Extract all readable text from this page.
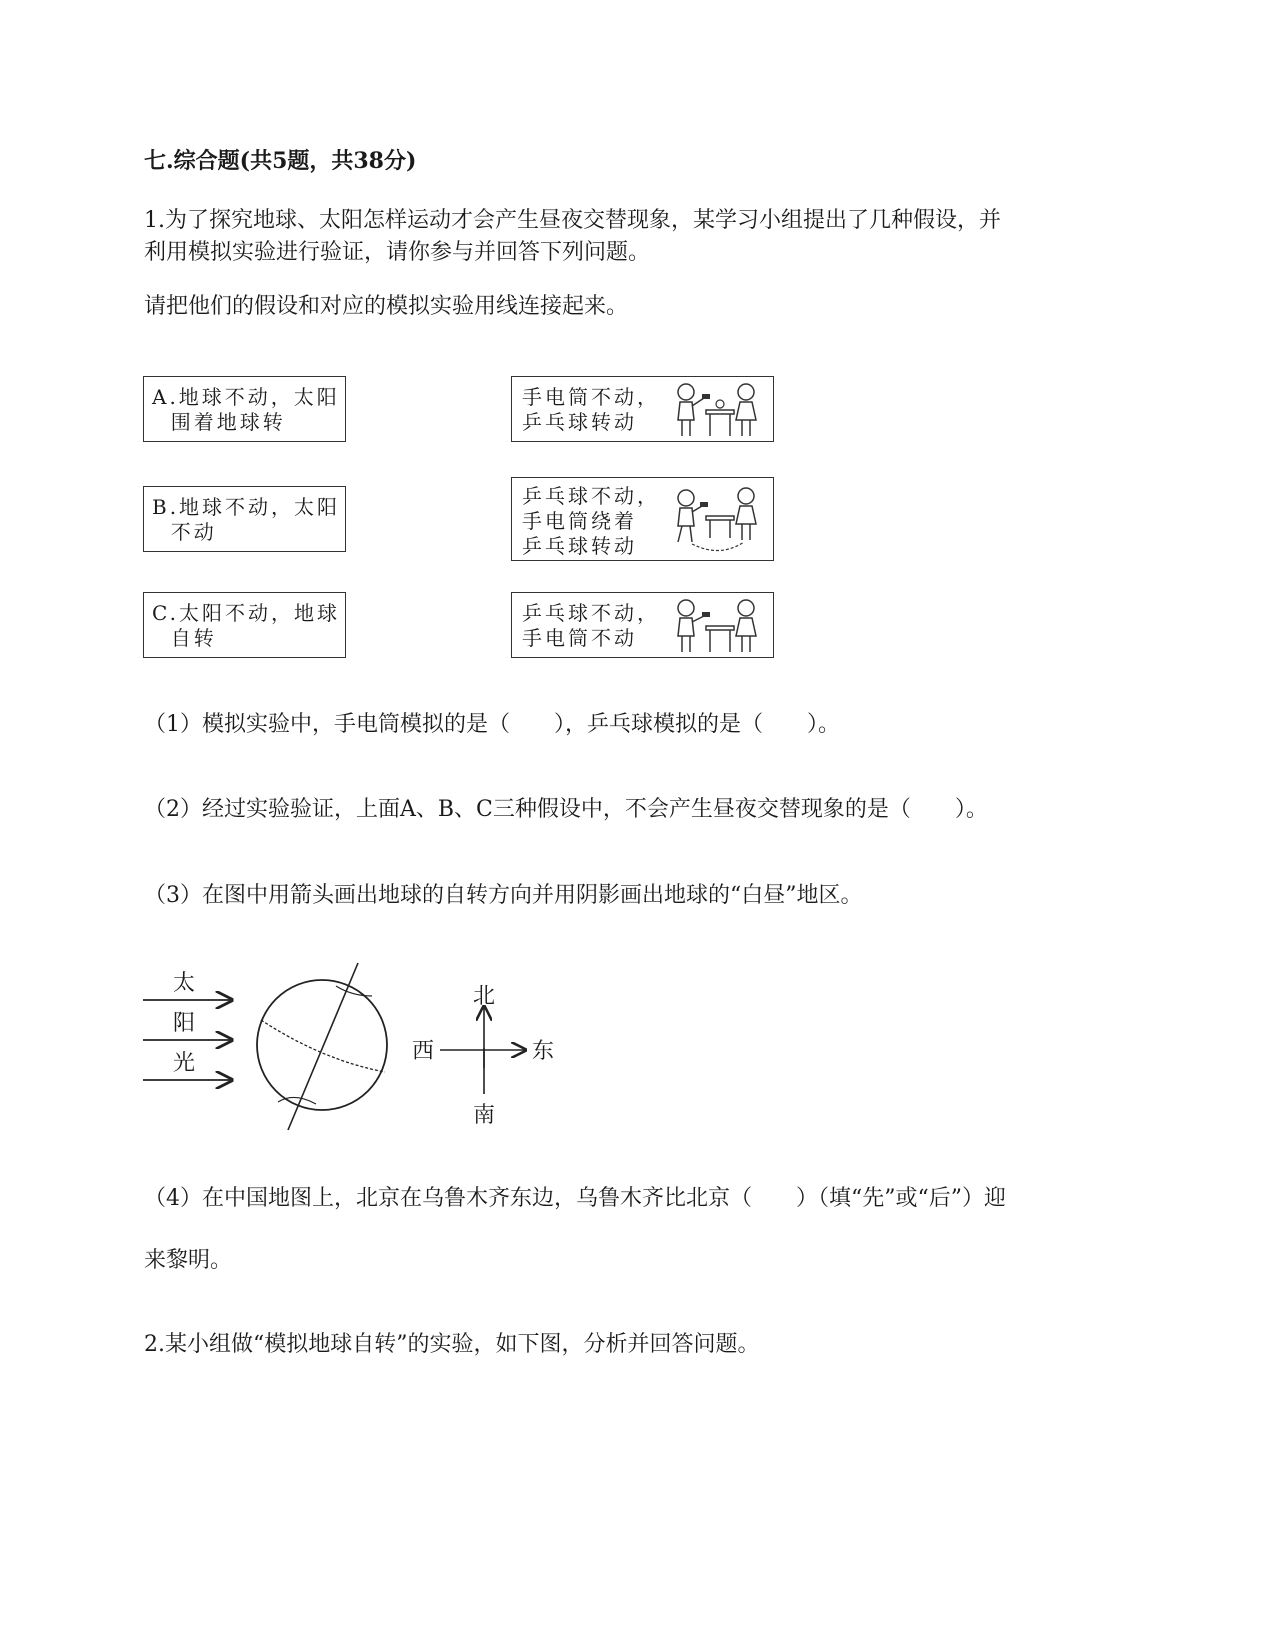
七.综合题(共5题，共38分)
1.为了探究地球、太阳怎样运动才会产生昼夜交替现象，某学习小组提出了几种假设，并
利用模拟实验进行验证，请你参与并回答下列问题。
请把他们的假设和对应的模拟实验用线连接起来。
A.地球不动，太阳
围着地球转
B.地球不动，太阳
不动
C.太阳不动，地球
自转
手电筒不动，
乒乓球转动
乒乓球不动，
手电筒绕着
乒乓球转动
乒乓球不动，
手电筒不动
（1）模拟实验中，手电筒模拟的是（　　），乒乓球模拟的是（　　）。
（2）经过实验验证，上面A、B、C三种假设中，不会产生昼夜交替现象的是（　　）。
（3）在图中用箭头画出地球的自转方向并用阴影画出地球的“白昼”地区。
太
阳
光
北
南
西	东
（4）在中国地图上，北京在乌鲁木齐东边，乌鲁木齐比北京（　　）（填“先”或“后”）迎
来黎明。
2.某小组做“模拟地球自转”的实验，如下图，分析并回答问题。
